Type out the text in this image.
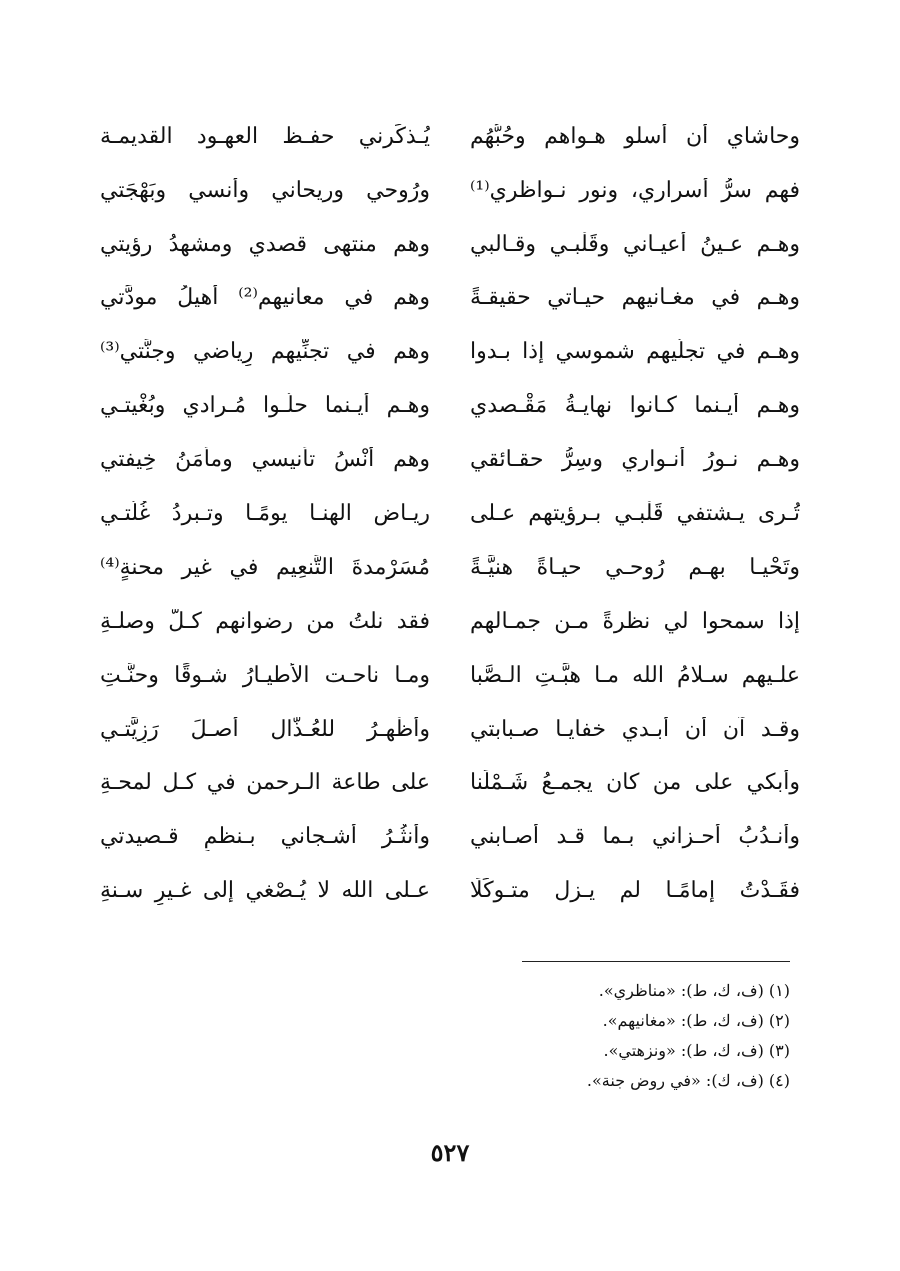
وحاشاي أن أسلو هـواهم وحُبُّهُم
يُـذكِّرني حفـظ العهـود القديمـة
فهم سرُّ أسراري، ونور نـواظري⁽¹⁾
ورُوحي وريحاني وأُنسي وبَهْجَتي
وهـم عـينُ أعيـاني وقَلْبـي وقـالبي
وهم منتهى قصدي ومشهدُ رؤيتي
وهـم في مغـانيهم حيـاتي حقيقـةً
وهم في معانيهم⁽²⁾ أُهيلُ مودَّتي
وهـم في تجلّيهم شموسي إذا بـدوا
وهم في تجنِّيهم رِياضي وجنَّتي⁽³⁾
وهـم أيـنما كـانوا نهايـةُ مَقْـصدي
وهـم أيـنما حلُّـوا مُـرادي وبُغْيتـي
وهـم نـورُ أنـواري وسِرُّ حقـائقي
وهم أُنْسُ تأنيسي ومأمَنُ خِيفتي
تُـرى يـشتفي قَلْبـي بـرؤيتهم عـلى
ريـاض الهنـا يومًـا وتـبردُ غُلَّتـي
وتَحْيـا بهـم رُوحـي حيـاةً هنيَّـةً
مُسَرْمدةَ التَّنعِيم في غير محنةٍ⁽⁴⁾
إذا سمحوا لي نظرةً مـن جمـالهم
فقد نلتُ من رضوانهم كـلَّ وصلـةِ
علـيهم سـلامُ الله مـا هبَّـتِ الـصَّبا
ومـا ناحـت الأطيـارُ شـوقًا وحنَّـتِ
وقـد آن أن أُبـدي خفايـا صـبابتي
وأُظْهِـرُ للعُـذَّال أصـلَ رَزِيَّتـي
وأبكي على من كان يجمـعُ شَـمْلَنا
على طاعة الـرحمن في كـل لمحـةِ
وأنـدُبُ أحـزاني بـما قـد أصـابني
وأنثُـرُ أشـجاني بـنظمِ قـصيدتي
فقَـدْتُ إمامًـا لم يـزل متـوكِّلًا
عـلى الله لا يُـصْغي إلى غـيرِ سـنةِ
(١) (ف، ك، ط): «مناظري».
(٢) (ف، ك، ط): «مغانيهم».
(٣) (ف، ك، ط): «ونزهتي».
(٤) (ف، ك): «في روض جنة».
٥٢٧
